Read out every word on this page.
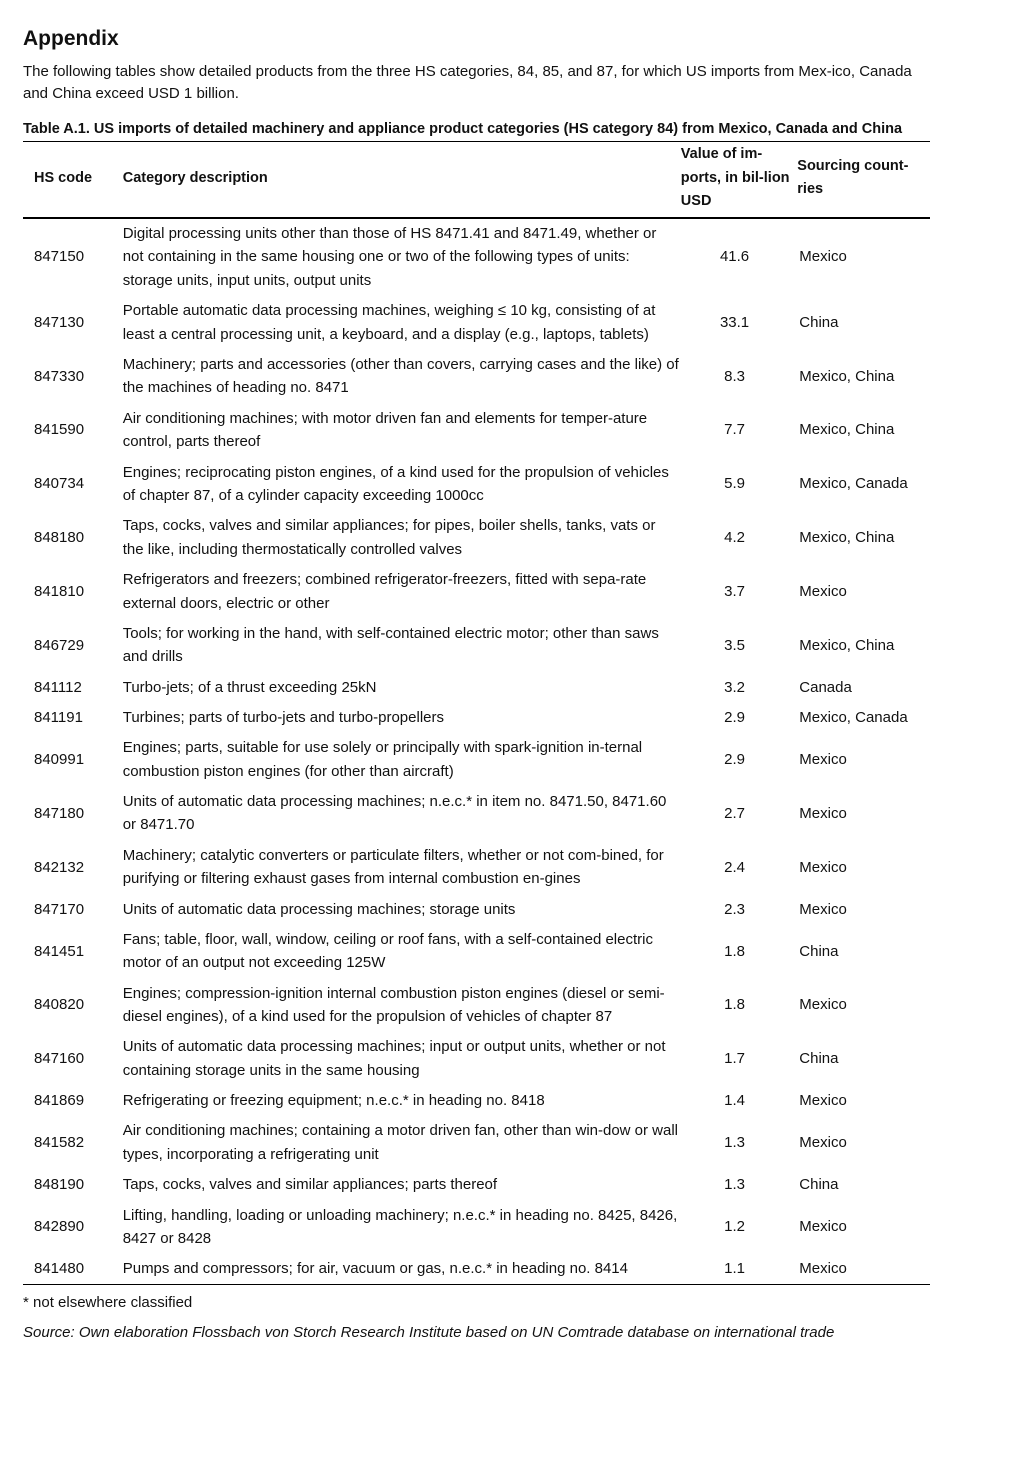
Appendix
The following tables show detailed products from the three HS categories, 84, 85, and 87, for which US imports from Mex-ico, Canada and China exceed USD 1 billion.
Table A.1. US imports of detailed machinery and appliance product categories (HS category 84) from Mexico, Canada and China
HS code	Category description	Value of im-ports, in bil-lion USD	Sourcing count-ries
847150	Digital processing units other than those of HS 8471.41 and 8471.49, whether or not containing in the same housing one or two of the following types of units: storage units, input units, output units	41.6	Mexico
847130	Portable automatic data processing machines, weighing ≤ 10 kg, consisting of at least a central processing unit, a keyboard, and a display (e.g., laptops, tablets)	33.1	China
847330	Machinery; parts and accessories (other than covers, carrying cases and the like) of the machines of heading no. 8471	8.3	Mexico, China
841590	Air conditioning machines; with motor driven fan and elements for temper-ature control, parts thereof	7.7	Mexico, China
840734	Engines; reciprocating piston engines, of a kind used for the propulsion of vehicles of chapter 87, of a cylinder capacity exceeding 1000cc	5.9	Mexico, Canada
848180	Taps, cocks, valves and similar appliances; for pipes, boiler shells, tanks, vats or the like, including thermostatically controlled valves	4.2	Mexico, China
841810	Refrigerators and freezers; combined refrigerator-freezers, fitted with sepa-rate external doors, electric or other	3.7	Mexico
846729	Tools; for working in the hand, with self-contained electric motor; other than saws and drills	3.5	Mexico, China
841112	Turbo-jets; of a thrust exceeding 25kN	3.2	Canada
841191	Turbines; parts of turbo-jets and turbo-propellers	2.9	Mexico, Canada
840991	Engines; parts, suitable for use solely or principally with spark-ignition in-ternal combustion piston engines (for other than aircraft)	2.9	Mexico
847180	Units of automatic data processing machines; n.e.c.* in item no. 8471.50, 8471.60 or 8471.70	2.7	Mexico
842132	Machinery; catalytic converters or particulate filters, whether or not com-bined, for purifying or filtering exhaust gases from internal combustion en-gines	2.4	Mexico
847170	Units of automatic data processing machines; storage units	2.3	Mexico
841451	Fans; table, floor, wall, window, ceiling or roof fans, with a self-contained electric motor of an output not exceeding 125W	1.8	China
840820	Engines; compression-ignition internal combustion piston engines (diesel or semi-diesel engines), of a kind used for the propulsion of vehicles of chapter 87	1.8	Mexico
847160	Units of automatic data processing machines; input or output units, whether or not containing storage units in the same housing	1.7	China
841869	Refrigerating or freezing equipment; n.e.c.* in heading no. 8418	1.4	Mexico
841582	Air conditioning machines; containing a motor driven fan, other than win-dow or wall types, incorporating a refrigerating unit	1.3	Mexico
848190	Taps, cocks, valves and similar appliances; parts thereof	1.3	China
842890	Lifting, handling, loading or unloading machinery; n.e.c.* in heading no. 8425, 8426, 8427 or 8428	1.2	Mexico
841480	Pumps and compressors; for air, vacuum or gas, n.e.c.* in heading no. 8414	1.1	Mexico
* not elsewhere classified
Source: Own elaboration Flossbach von Storch Research Institute based on UN Comtrade database on international trade
